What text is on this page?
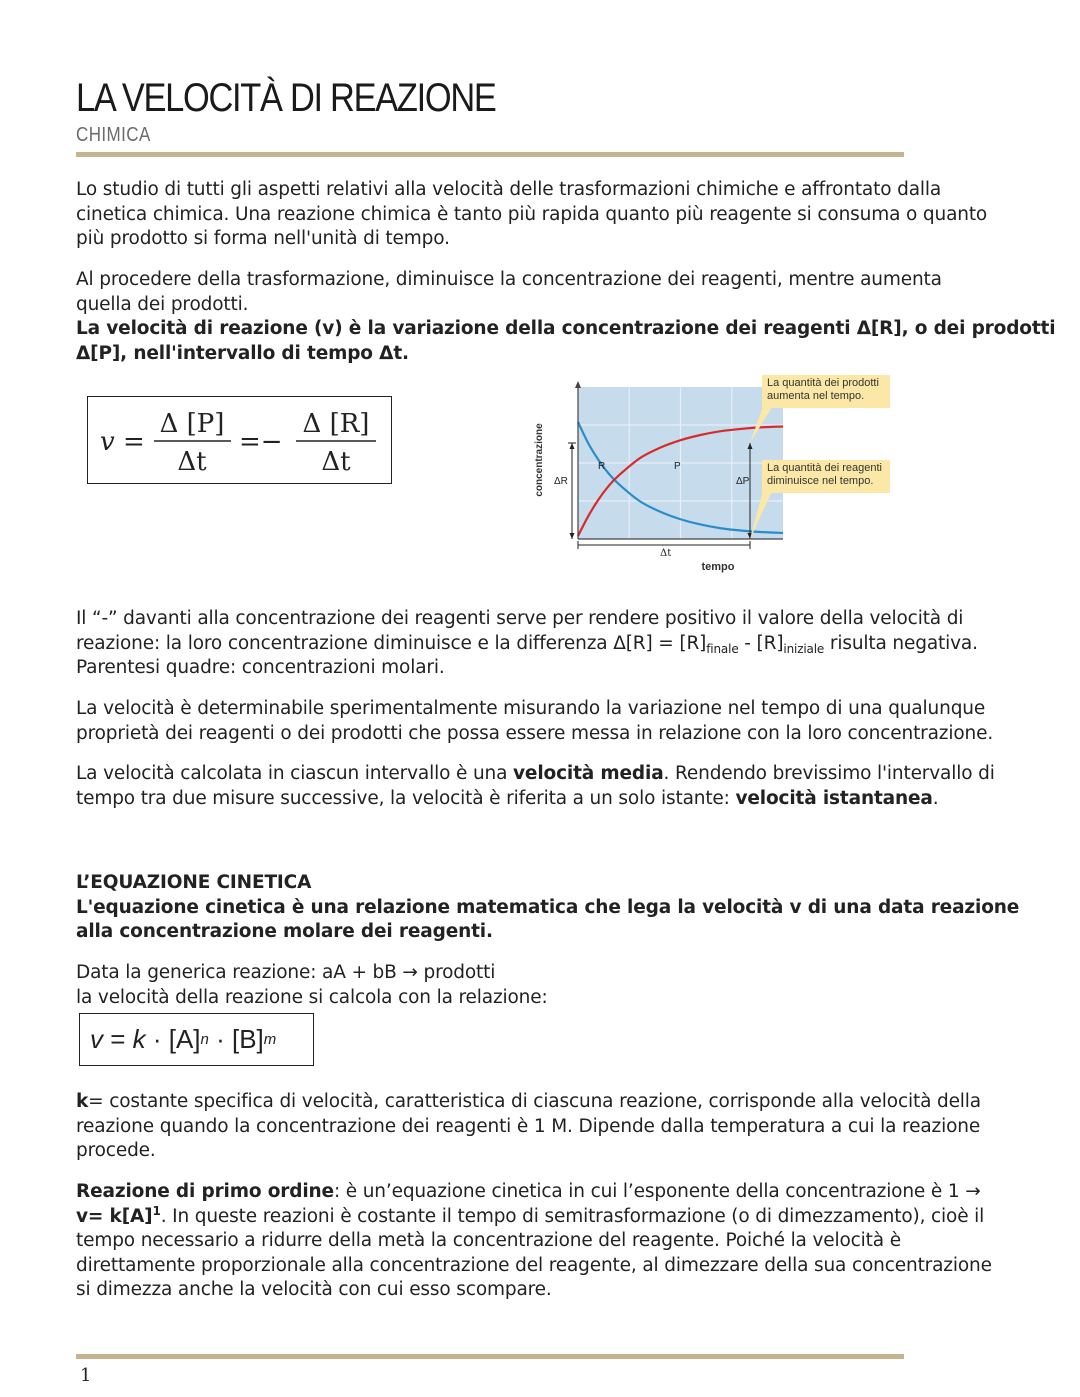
LA VELOCITÀ DI REAZIONE
CHIMICA

Lo studio di tutti gli aspetti relativi alla velocità delle trasformazioni chimiche e affrontato dalla
cinetica chimica. Una reazione chimica è tanto più rapida quanto più reagente si consuma o quanto
più prodotto si forma nell'unità di tempo.

Al procedere della trasformazione, diminuisce la concentrazione dei reagenti, mentre aumenta
quella dei prodotti.
La velocità di reazione (v) è la variazione della concentrazione dei reagenti Δ[R], o dei prodotti
Δ[P], nell'intervallo di tempo Δt.

v =
Δ [P]
Δt
=−
Δ [R]
Δt
ΔR	ΔP
Δt
R	P
tempo
concentrazione
La quantità dei prodotti
aumenta nel tempo.
La quantità dei reagenti
diminuisce nel tempo.

Il “-” davanti alla concentrazione dei reagenti serve per rendere positivo il valore della velocità di
reazione: la loro concentrazione diminuisce e la differenza $\Delta[R] = [R]_{finale} - [R]_{iniziale}$ risulta negativa.
Parentesi quadre: concentrazioni molari.

La velocità è determinabile sperimentalmente misurando la variazione nel tempo di una qualunque
proprietà dei reagenti o dei prodotti che possa essere messa in relazione con la loro concentrazione.

La velocità calcolata in ciascun intervallo è una velocità media. Rendendo brevissimo l'intervallo di
tempo tra due misure successive, la velocità è riferita a un solo istante: velocità istantanea.

L’EQUAZIONE CINETICA
L'equazione cinetica è una relazione matematica che lega la velocità v di una data reazione
alla concentrazione molare dei reagenti.

Data la generica reazione: aA + bB → prodotti
la velocità della reazione si calcola con la relazione:

v = k · [A] n · [B] m

k= costante specifica di velocità, caratteristica di ciascuna reazione, corrisponde alla velocità della
reazione quando la concentrazione dei reagenti è 1 M. Dipende dalla temperatura a cui la reazione
procede.

Reazione di primo ordine: è un’equazione cinetica in cui l’esponente della concentrazione è 1 →
$v= k[A]^1$. In queste reazioni è costante il tempo di semitrasformazione (o di dimezzamento), cioè il
tempo necessario a ridurre della metà la concentrazione del reagente. Poiché la velocità è
direttamente proporzionale alla concentrazione del reagente, al dimezzare della sua concentrazione
si dimezza anche la velocità con cui esso scompare.

1
